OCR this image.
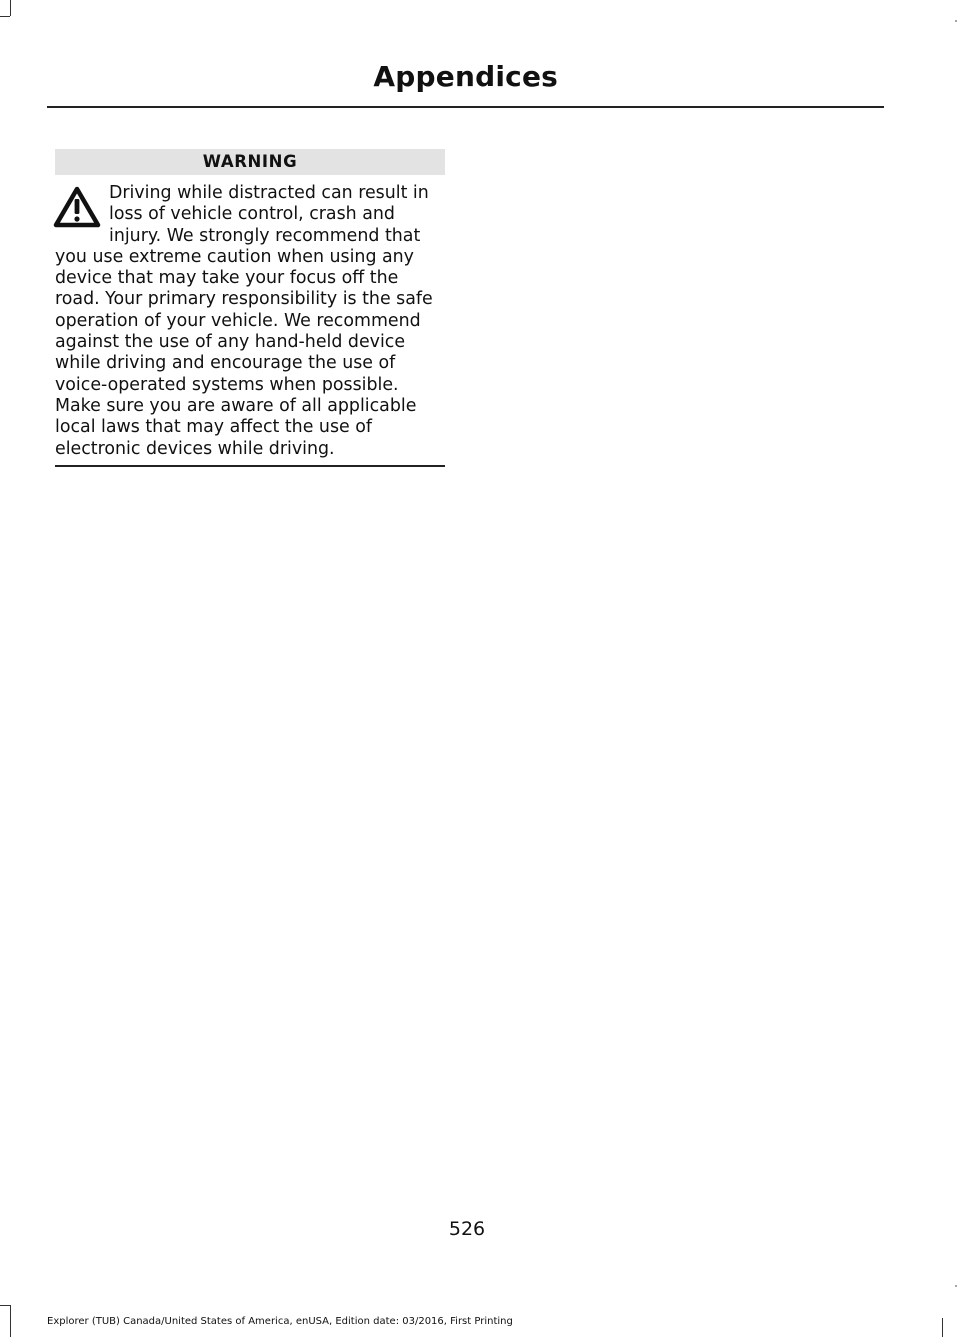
Appendices
WARNING
Driving while distracted can result in loss of vehicle control, crash and injury. We strongly recommend that you use extreme caution when using any device that may take your focus off the road. Your primary responsibility is the safe operation of your vehicle. We recommend against the use of any hand-held device while driving and encourage the use of voice-operated systems when possible. Make sure you are aware of all applicable local laws that may affect the use of electronic devices while driving.
526
Explorer (TUB) Canada/United States of America, enUSA, Edition date: 03/2016, First Printing
